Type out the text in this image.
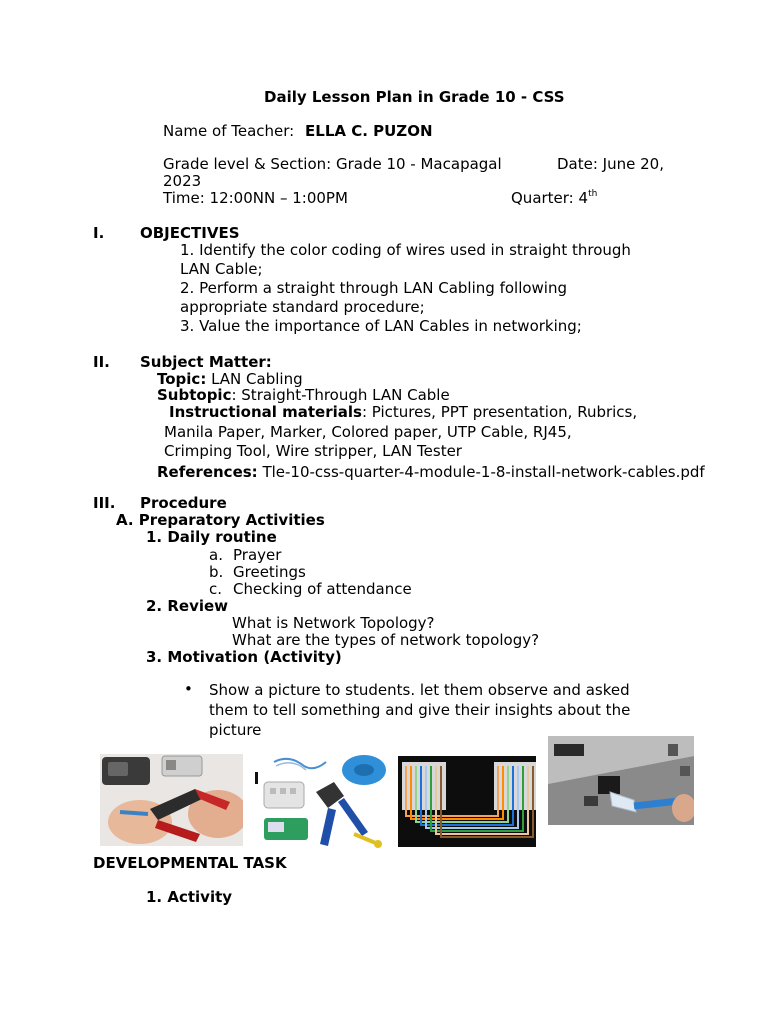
Daily Lesson Plan in Grade 10 - CSS
Name of Teacher: ELLA C. PUZON
Grade level & Section: Grade 10 - Macapagal	Date: June 20,
2023
Time: 12:00NN – 1:00PM	Quarter: 4th
I. OBJECTIVES
1. Identify the color coding of wires used in straight through
LAN Cable;
2. Perform a straight through LAN Cabling following
appropriate standard procedure;
3. Value the importance of LAN Cables in networking;
II. Subject Matter:
Topic: LAN Cabling
Subtopic: Straight-Through LAN Cable
Instructional materials: Pictures, PPT presentation, Rubrics,
Manila Paper, Marker, Colored paper, UTP Cable, RJ45,
Crimping Tool, Wire stripper, LAN Tester
References: Tle-10-css-quarter-4-module-1-8-install-network-cables.pdf
III. Procedure
A. Preparatory Activities
1. Daily routine
a. Prayer
b. Greetings
c. Checking of attendance
2. Review
What is Network Topology?
What are the types of network topology?
3. Motivation (Activity)
• Show a picture to students. let them observe and asked
them to tell something and give their insights about the
picture
DEVELOPMENTAL TASK
1. Activity
